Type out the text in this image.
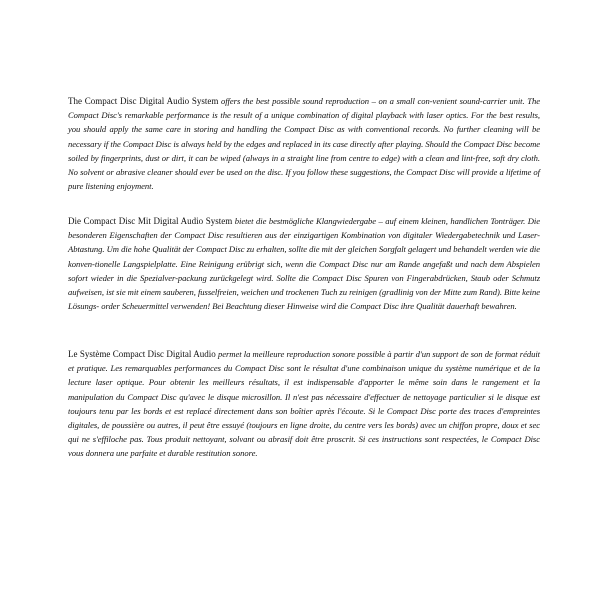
The Compact Disc Digital Audio System offers the best possible sound reproduction – on a small con-venient sound-carrier unit. The Compact Disc's remarkable performance is the result of a unique combination of digital playback with laser optics. For the best results, you should apply the same care in storing and handling the Compact Disc as with conventional records. No further cleaning will be necessary if the Compact Disc is always held by the edges and replaced in its case directly after playing. Should the Compact Disc become soiled by fingerprints, dust or dirt, it can be wiped (always in a straight line from centre to edge) with a clean and lint-free, soft dry cloth. No solvent or abrasive cleaner should ever be used on the disc. If you follow these suggestions, the Compact Disc will provide a lifetime of pure listening enjoyment.

Die Compact Disc Mit Digital Audio System bietet die bestmögliche Klangwiedergabe – auf einem kleinen, handlichen Tonträger. Die besonderen Eigenschaften der Compact Disc resultieren aus der einzigartigen Kombination von digitaler Wiedergabetechnik und Laser-Abtastung. Um die hohe Qualität der Compact Disc zu erhalten, sollte die mit der gleichen Sorgfalt gelagert und behandelt werden wie die konven-tionelle Langspielplatte. Eine Reinigung erübrigt sich, wenn die Compact Disc nur am Rande angefaßt und nach dem Abspielen sofort wieder in die Spezialver-packung zurückgelegt wird. Sollte die Compact Disc Spuren von Fingerabdrücken, Staub oder Schmutz aufweisen, ist sie mit einem sauberen, fusselfreien, weichen und trockenen Tuch zu reinigen (gradlinig von der Mitte zum Rand). Bitte keine Lösungs- order Scheuermittel verwenden! Bei Beachtung dieser Hinweise wird die Compact Disc ihre Qualität dauerhaft bewahren.

Le Système Compact Disc Digital Audio permet la meilleure reproduction sonore possible à partir d'un support de son de format réduit et pratique. Les remarquables performances du Compact Disc sont le résultat d'une combinaison unique du système numérique et de la lecture laser optique. Pour obtenir les meilleurs résultats, il est indispensable d'apporter le même soin dans le rangement et la manipulation du Compact Disc qu'avec le disque microsillon. Il n'est pas nécessaire d'effectuer de nettoyage particulier si le disque est toujours tenu par les bords et est replacé directement dans son boîtier après l'écoute. Si le Compact Disc porte des traces d'empreintes digitales, de poussière ou autres, il peut être essuyé (toujours en ligne droite, du centre vers les bords) avec un chiffon propre, doux et sec qui ne s'effiloche pas. Tous produit nettoyant, solvant ou abrasif doit être proscrit. Si ces instructions sont respectées, le Compact Disc vous donnera une parfaite et durable restitution sonore.
